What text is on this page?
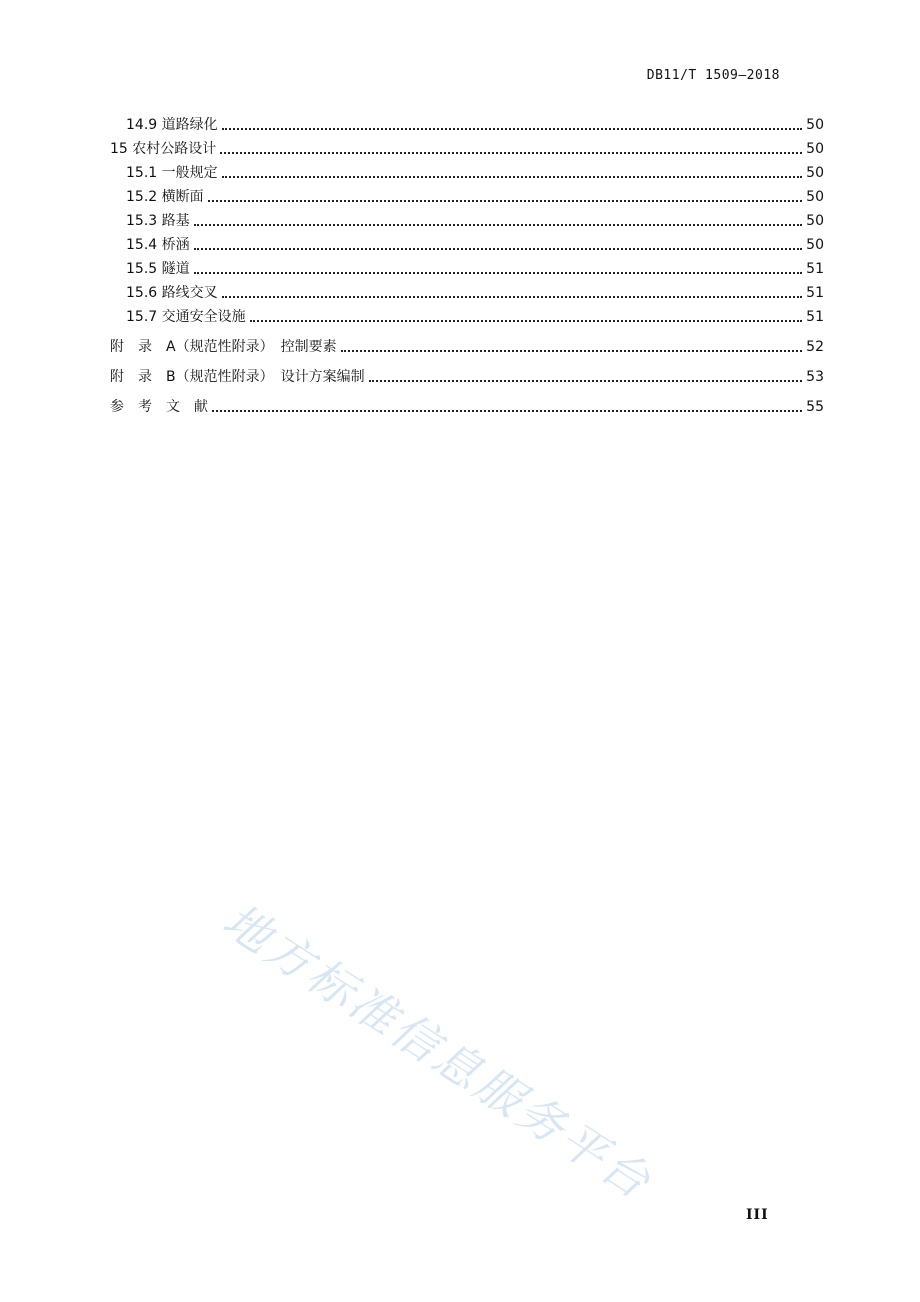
DB11/T 1509—2018
14.9 道路绿化	50
15 农村公路设计	50
15.1 一般规定	50
15.2 横断面	50
15.3 路基	50
15.4 桥涵	50
15.5 隧道	51
15.6 路线交叉	51
15.7 交通安全设施	51
附　录　A（规范性附录）　控制要素	52
附　录　B（规范性附录）　设计方案编制	53
参　考　文　献	55
地方标准信息服务平台
III
